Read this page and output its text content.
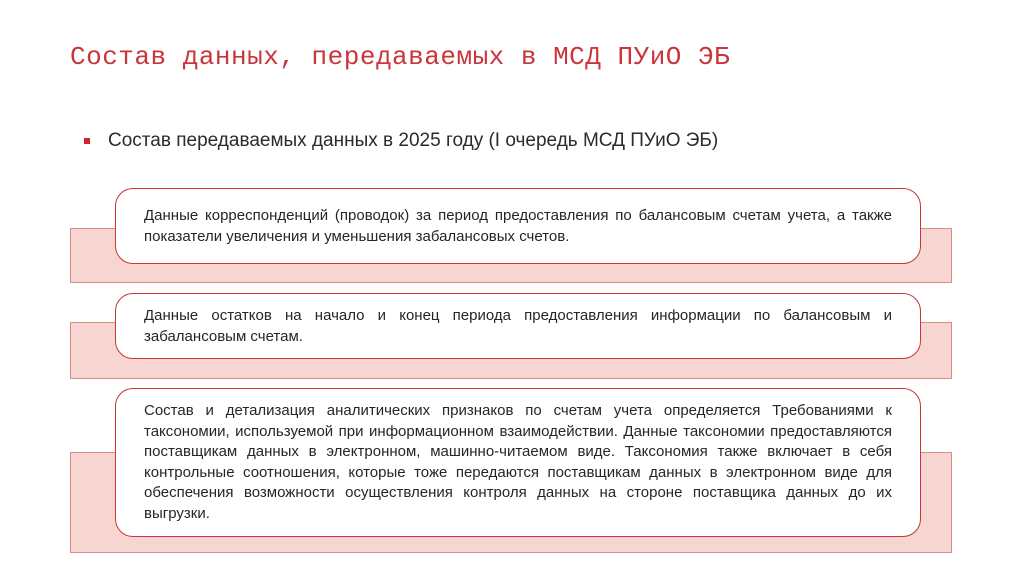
Состав данных, передаваемых в МСД ПУиО ЭБ
Состав передаваемых данных в 2025 году (I очередь МСД ПУиО ЭБ)

Данные корреспонденций (проводок) за период предоставления по балансовым счетам учета, а также показатели увеличения и уменьшения забалансовых счетов.

Данные остатков на начало и конец периода предоставления информации по балансовым и забалансовым счетам.

Состав и детализация аналитических признаков по счетам учета определяется Требованиями к таксономии, используемой при информационном взаимодействии. Данные таксономии предоставляются поставщикам данных в электронном, машинно-читаемом виде. Таксономия также включает в себя контрольные соотношения, которые тоже передаются поставщикам данных в электронном виде для обеспечения возможности осуществления контроля данных на стороне поставщика данных до их выгрузки.
